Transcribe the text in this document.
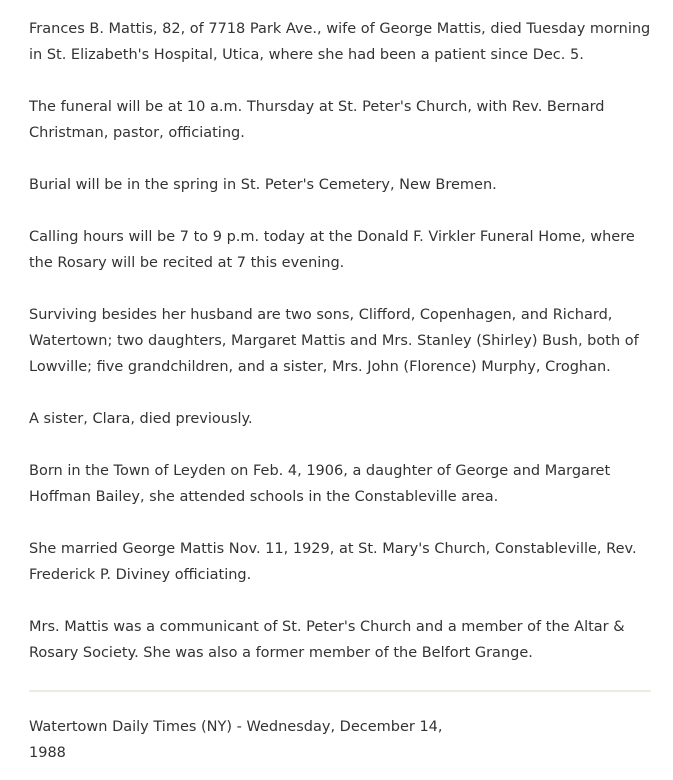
Frances B. Mattis, 82, of 7718 Park Ave., wife of George Mattis, died Tuesday morning in St. Elizabeth's Hospital, Utica, where she had been a patient since Dec. 5.

The funeral will be at 10 a.m. Thursday at St. Peter's Church, with Rev. Bernard Christman, pastor, officiating.

Burial will be in the spring in St. Peter's Cemetery, New Bremen.

Calling hours will be 7 to 9 p.m. today at the Donald F. Virkler Funeral Home, where the Rosary will be recited at 7 this evening.

Surviving besides her husband are two sons, Clifford, Copenhagen, and Richard, Watertown; two daughters, Margaret Mattis and Mrs. Stanley (Shirley) Bush, both of Lowville; five grandchildren, and a sister, Mrs. John (Florence) Murphy, Croghan.

A sister, Clara, died previously.

Born in the Town of Leyden on Feb. 4, 1906, a daughter of George and Margaret Hoffman Bailey, she attended schools in the Constableville area.

She married George Mattis Nov. 11, 1929, at St. Mary's Church, Constableville, Rev. Frederick P. Diviney officiating.

Mrs. Mattis was a communicant of St. Peter's Church and a member of the Altar & Rosary Society. She was also a former member of the Belfort Grange.

Watertown Daily Times (NY) - Wednesday, December 14, 1988
